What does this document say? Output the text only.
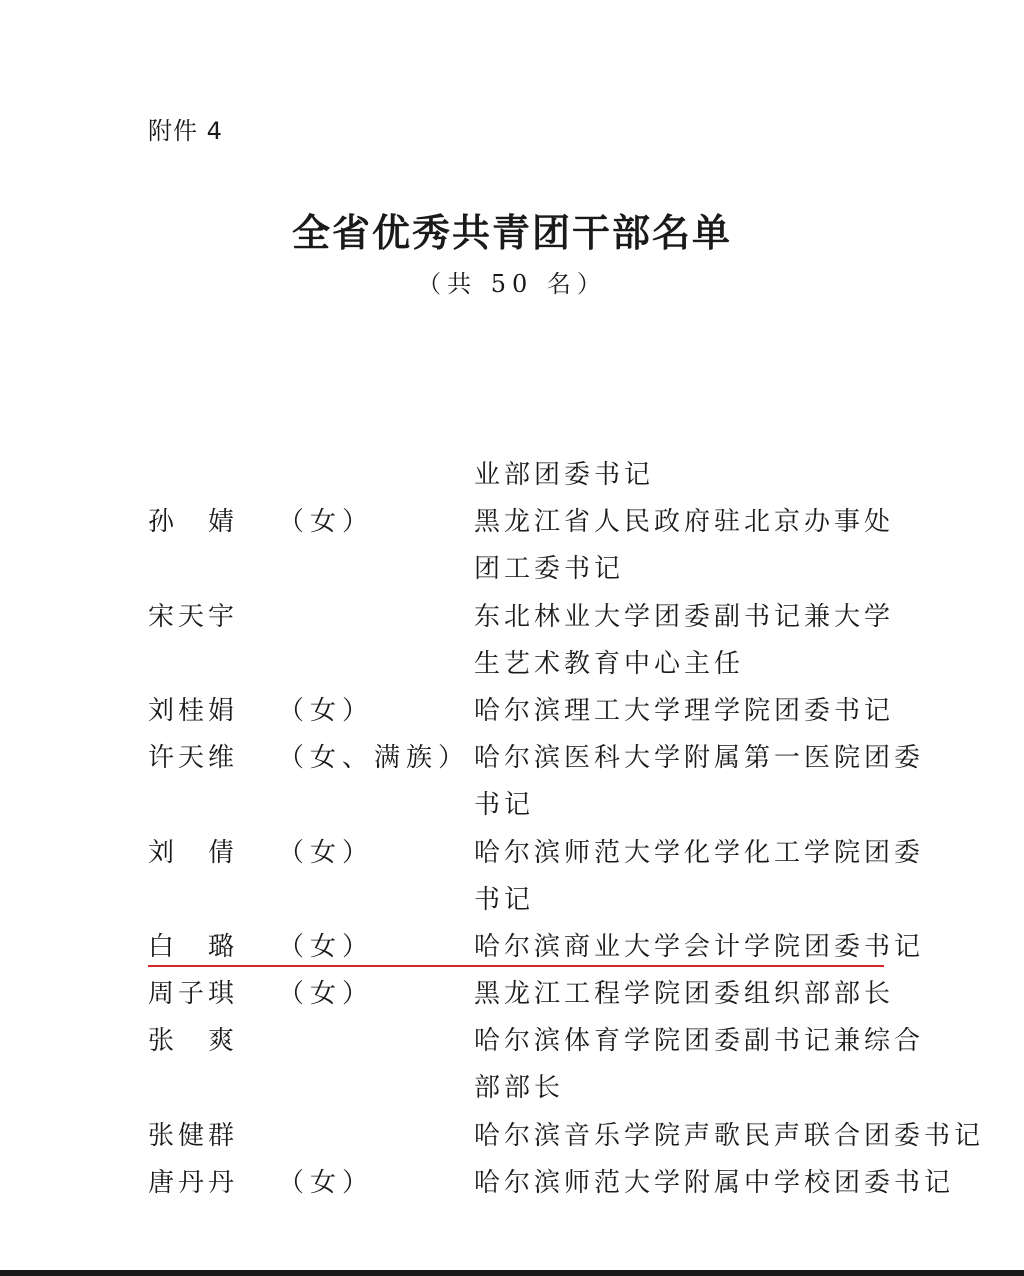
附件 4
全省优秀共青团干部名单
（共 50 名）
业部团委书记
孙　婧 （女）	黑龙江省人民政府驻北京办事处
团工委书记
宋天宇	东北林业大学团委副书记兼大学
生艺术教育中心主任
刘桂娟 （女）	哈尔滨理工大学理学院团委书记
许天维 （女、满族） 哈尔滨医科大学附属第一医院团委
书记
刘　倩 （女）	哈尔滨师范大学化学化工学院团委
书记
白　璐 （女）	哈尔滨商业大学会计学院团委书记
周子琪 （女）	黑龙江工程学院团委组织部部长
张　爽	哈尔滨体育学院团委副书记兼综合
部部长
张健群	哈尔滨音乐学院声歌民声联合团委书记
唐丹丹 （女）	哈尔滨师范大学附属中学校团委书记
